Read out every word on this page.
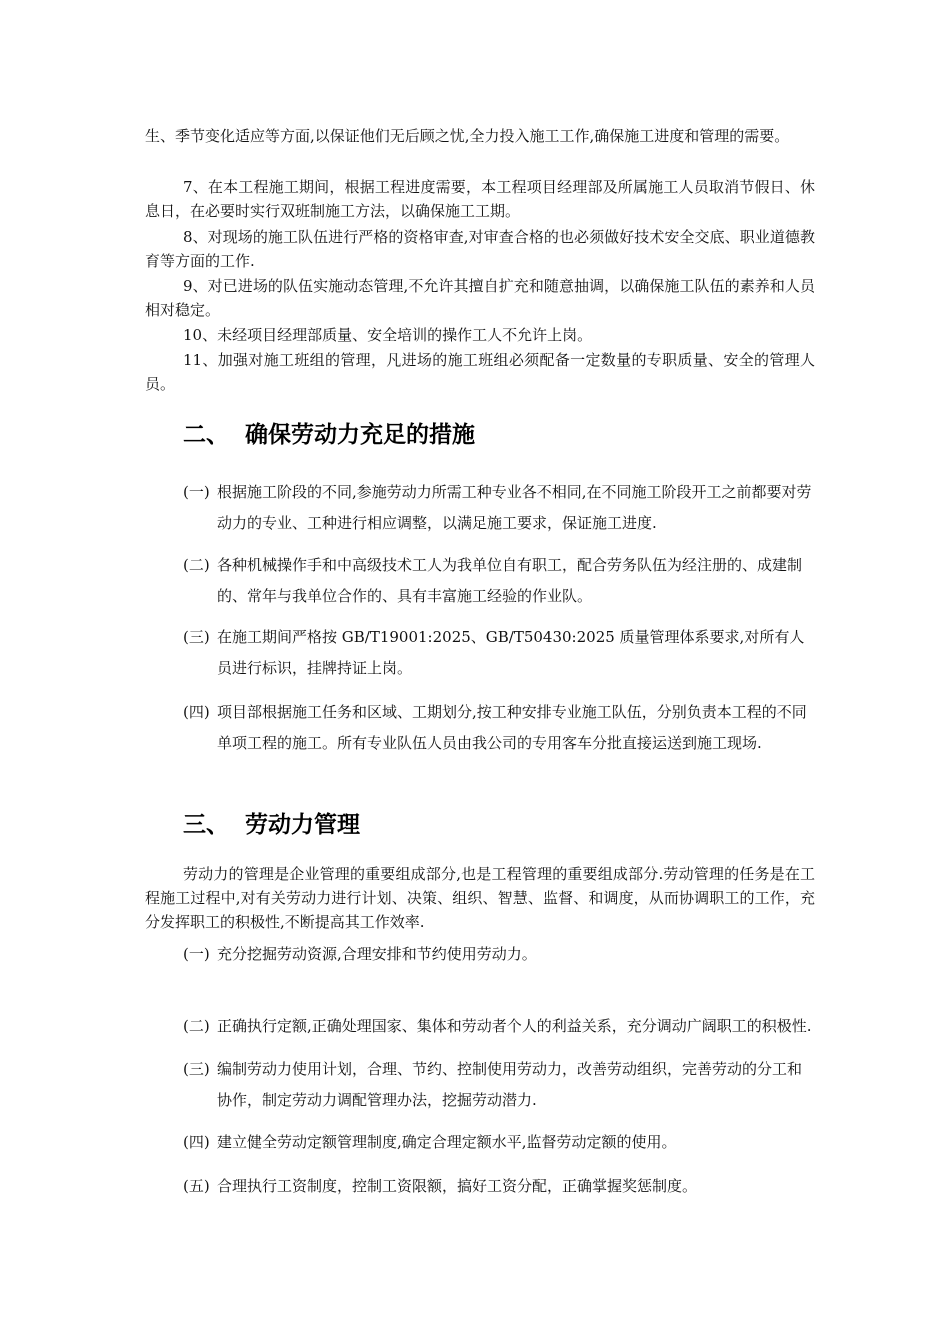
生、季节变化适应等方面,以保证他们无后顾之忧,全力投入施工工作,确保施工进度和管理的需要。

7、在本工程施工期间，根据工程进度需要，本工程项目经理部及所属施工人员取消节假日、休息日，在必要时实行双班制施工方法，以确保施工工期。

8、对现场的施工队伍进行严格的资格审查,对审查合格的也必须做好技术安全交底、职业道德教育等方面的工作.

9、对已进场的队伍实施动态管理,不允许其擅自扩充和随意抽调，以确保施工队伍的素养和人员相对稳定。

10、未经项目经理部质量、安全培训的操作工人不允许上岗。

11、加强对施工班组的管理，凡进场的施工班组必须配备一定数量的专职质量、安全的管理人员。

二、 确保劳动力充足的措施
(一) 根据施工阶段的不同,参施劳动力所需工种专业各不相同,在不同施工阶段开工之前都要对劳动力的专业、工种进行相应调整，以满足施工要求，保证施工进度.
(二) 各种机械操作手和中高级技术工人为我单位自有职工，配合劳务队伍为经注册的、成建制的、常年与我单位合作的、具有丰富施工经验的作业队。
(三) 在施工期间严格按 GB/T19001:2025、GB/T50430:2025 质量管理体系要求,对所有人员进行标识，挂牌持证上岗。
(四) 项目部根据施工任务和区域、工期划分,按工种安排专业施工队伍，分别负责本工程的不同单项工程的施工。所有专业队伍人员由我公司的专用客车分批直接运送到施工现场.
三、 劳动力管理

劳动力的管理是企业管理的重要组成部分,也是工程管理的重要组成部分.劳动管理的任务是在工程施工过程中,对有关劳动力进行计划、决策、组织、智慧、监督、和调度，从而协调职工的工作，充分发挥职工的积极性,不断提高其工作效率.

(一) 充分挖掘劳动资源,合理安排和节约使用劳动力。
(二) 正确执行定额,正确处理国家、集体和劳动者个人的利益关系，充分调动广阔职工的积极性.
(三) 编制劳动力使用计划，合理、节约、控制使用劳动力，改善劳动组织，完善劳动的分工和协作，制定劳动力调配管理办法，挖掘劳动潜力.
(四) 建立健全劳动定额管理制度,确定合理定额水平,监督劳动定额的使用。
(五) 合理执行工资制度，控制工资限额，搞好工资分配，正确掌握奖惩制度。
